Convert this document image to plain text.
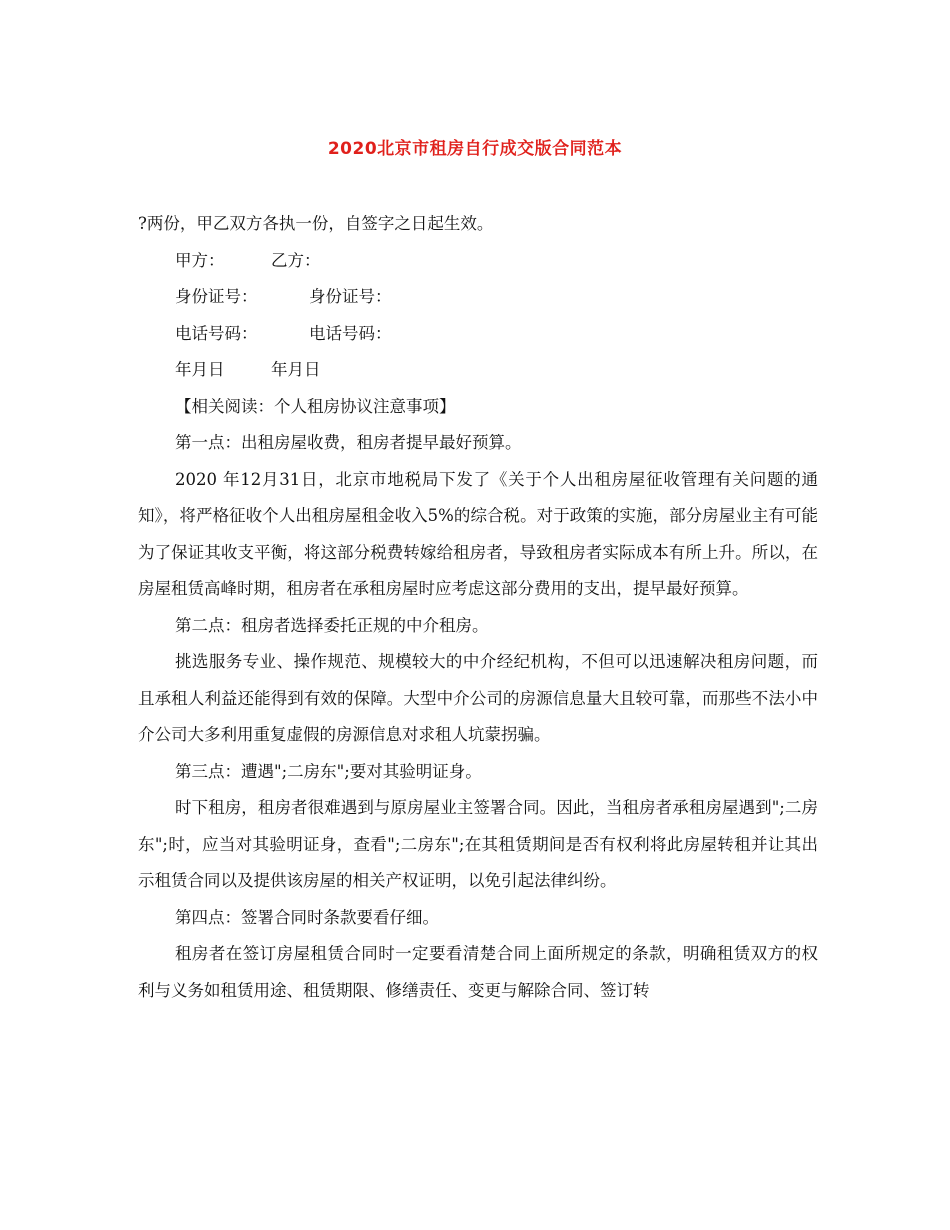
2020北京市租房自行成交版合同范本

?两份，甲乙双方各执一份，自签字之日起生效。

甲方：	乙方：
身份证号：	身份证号：
电话号码：	电话号码：
年月日	年月日

【相关阅读：个人租房协议注意事项】

第一点：出租房屋收费，租房者提早最好预算。

2020 年12月31日，北京市地税局下发了《关于个人出租房屋征收管理有关问题的通知》，将严格征收个人出租房屋租金收入5%的综合税。对于政策的实施，部分房屋业主有可能为了保证其收支平衡，将这部分税费转嫁给租房者，导致租房者实际成本有所上升。所以，在房屋租赁高峰时期，租房者在承租房屋时应考虑这部分费用的支出，提早最好预算。

第二点：租房者选择委托正规的中介租房。

挑选服务专业、操作规范、规模较大的中介经纪机构，不但可以迅速解决租房问题，而且承租人利益还能得到有效的保障。大型中介公司的房源信息量大且较可靠，而那些不法小中介公司大多利用重复虚假的房源信息对求租人坑蒙拐骗。

第三点：遭遇";二房东";要对其验明证身。

时下租房，租房者很难遇到与原房屋业主签署合同。因此，当租房者承租房屋遇到";二房东";时，应当对其验明证身，查看";二房东";在其租赁期间是否有权利将此房屋转租并让其出示租赁合同以及提供该房屋的相关产权证明，以免引起法律纠纷。

第四点：签署合同时条款要看仔细。

租房者在签订房屋租赁合同时一定要看清楚合同上面所规定的条款，明确租赁双方的权利与义务如租赁用途、租赁期限、修缮责任、变更与解除合同、签订转
